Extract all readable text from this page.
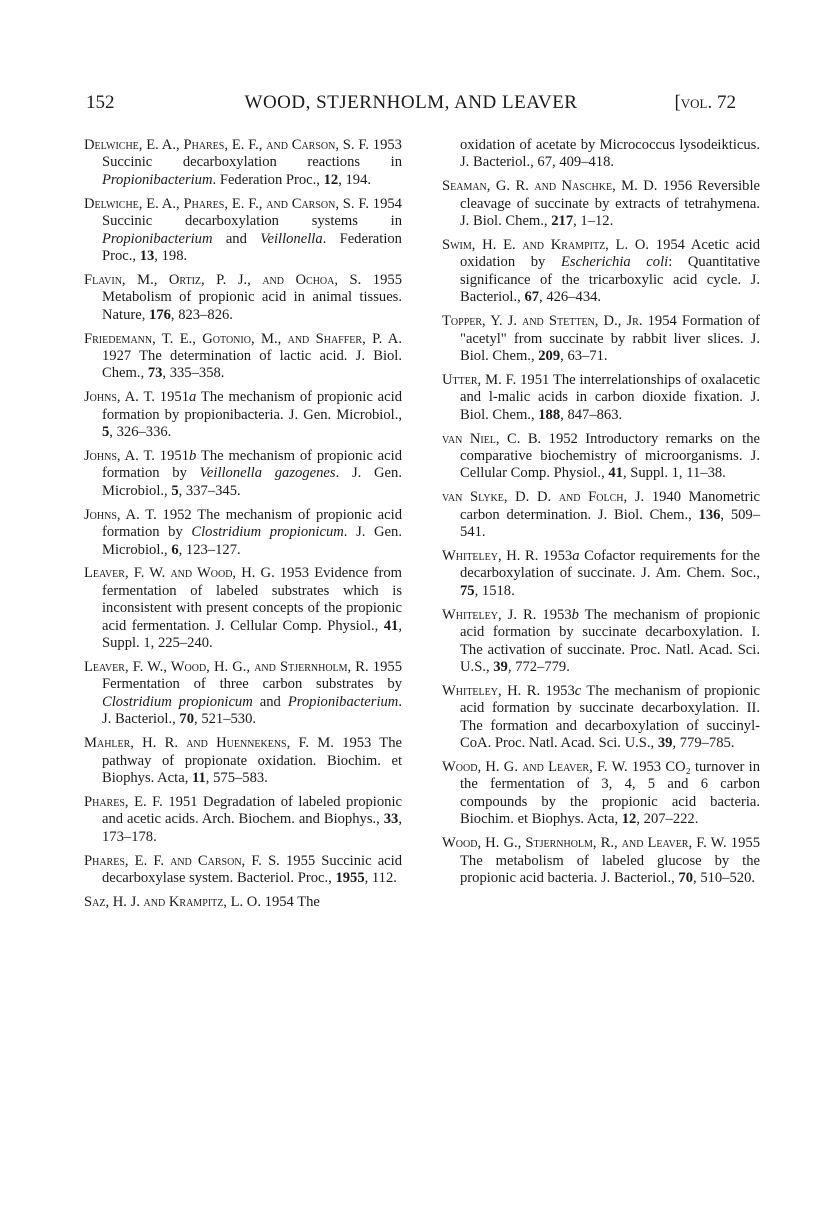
152	WOOD, STJERNHOLM, AND LEAVER	[vol. 72

Delwiche, E. A., Phares, E. F., and Carson, S. F. 1953 Succinic decarboxylation reactions in Propionibacterium. Federation Proc., 12, 194.

Delwiche, E. A., Phares, E. F., and Carson, S. F. 1954 Succinic decarboxylation systems in Propionibacterium and Veillonella. Federation Proc., 13, 198.

Flavin, M., Ortiz, P. J., and Ochoa, S. 1955 Metabolism of propionic acid in animal tissues. Nature, 176, 823–826.

Friedemann, T. E., Gotonio, M., and Shaffer, P. A. 1927 The determination of lactic acid. J. Biol. Chem., 73, 335–358.

Johns, A. T. 1951a The mechanism of propionic acid formation by propionibacteria. J. Gen. Microbiol., 5, 326–336.

Johns, A. T. 1951b The mechanism of propionic acid formation by Veillonella gazogenes. J. Gen. Microbiol., 5, 337–345.

Johns, A. T. 1952 The mechanism of propionic acid formation by Clostridium propionicum. J. Gen. Microbiol., 6, 123–127.

Leaver, F. W. and Wood, H. G. 1953 Evidence from fermentation of labeled substrates which is inconsistent with present concepts of the propionic acid fermentation. J. Cellular Comp. Physiol., 41, Suppl. 1, 225–240.

Leaver, F. W., Wood, H. G., and Stjernholm, R. 1955 Fermentation of three carbon substrates by Clostridium propionicum and Propionibacterium. J. Bacteriol., 70, 521–530.

Mahler, H. R. and Huennekens, F. M. 1953 The pathway of propionate oxidation. Biochim. et Biophys. Acta, 11, 575–583.

Phares, E. F. 1951 Degradation of labeled propionic and acetic acids. Arch. Biochem. and Biophys., 33, 173–178.

Phares, E. F. and Carson, F. S. 1955 Succinic acid decarboxylase system. Bacteriol. Proc., 1955, 112.

Saz, H. J. and Krampitz, L. O. 1954 The

oxidation of acetate by Micrococcus lysodeikticus. J. Bacteriol., 67, 409–418.

Seaman, G. R. and Naschke, M. D. 1956 Reversible cleavage of succinate by extracts of tetrahymena. J. Biol. Chem., 217, 1–12.

Swim, H. E. and Krampitz, L. O. 1954 Acetic acid oxidation by Escherichia coli: Quantitative significance of the tricarboxylic acid cycle. J. Bacteriol., 67, 426–434.

Topper, Y. J. and Stetten, D., Jr. 1954 Formation of "acetyl" from succinate by rabbit liver slices. J. Biol. Chem., 209, 63–71.

Utter, M. F. 1951 The interrelationships of oxalacetic and l-malic acids in carbon dioxide fixation. J. Biol. Chem., 188, 847–863.

van Niel, C. B. 1952 Introductory remarks on the comparative biochemistry of microorganisms. J. Cellular Comp. Physiol., 41, Suppl. 1, 11–38.

van Slyke, D. D. and Folch, J. 1940 Manometric carbon determination. J. Biol. Chem., 136, 509–541.

Whiteley, H. R. 1953a Cofactor requirements for the decarboxylation of succinate. J. Am. Chem. Soc., 75, 1518.

Whiteley, J. R. 1953b The mechanism of propionic acid formation by succinate decarboxylation. I. The activation of succinate. Proc. Natl. Acad. Sci. U.S., 39, 772–779.

Whiteley, H. R. 1953c The mechanism of propionic acid formation by succinate decarboxylation. II. The formation and decarboxylation of succinyl-CoA. Proc. Natl. Acad. Sci. U.S., 39, 779–785.

Wood, H. G. and Leaver, F. W. 1953 CO₂ turnover in the fermentation of 3, 4, 5 and 6 carbon compounds by the propionic acid bacteria. Biochim. et Biophys. Acta, 12, 207–222.

Wood, H. G., Stjernholm, R., and Leaver, F. W. 1955 The metabolism of labeled glucose by the propionic acid bacteria. J. Bacteriol., 70, 510–520.
